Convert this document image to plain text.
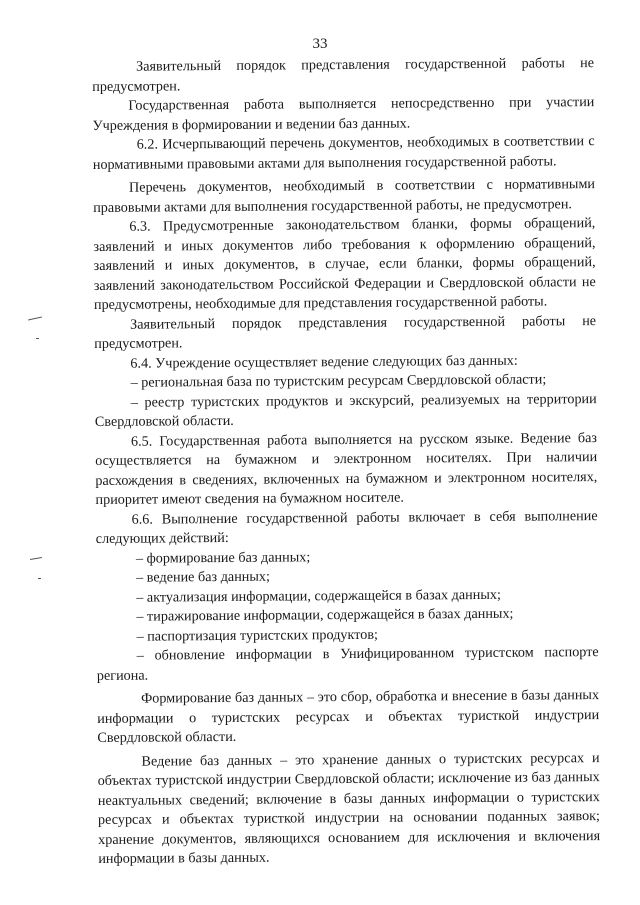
33

Заявительный порядок представления государственной работы не предусмотрен.

Государственная работа выполняется непосредственно при участии Учреждения в формировании и ведении баз данных.

6.2. Исчерпывающий перечень документов, необходимых в соответствии с нормативными правовыми актами для выполнения государственной работы.

Перечень документов, необходимый в соответствии с нормативными правовыми актами для выполнения государственной работы, не предусмотрен.

6.3. Предусмотренные законодательством бланки, формы обращений, заявлений и иных документов либо требования к оформлению обращений, заявлений и иных документов, в случае, если бланки, формы обращений, заявлений законодательством Российской Федерации и Свердловской области не предусмотрены, необходимые для представления государственной работы.

Заявительный порядок представления государственной работы не предусмотрен.

6.4. Учреждение осуществляет ведение следующих баз данных:

– региональная база по туристским ресурсам Свердловской области;

– реестр туристских продуктов и экскурсий, реализуемых на территории Свердловской области.

6.5. Государственная работа выполняется на русском языке. Ведение баз осуществляется на бумажном и электронном носителях. При наличии расхождения в сведениях, включенных на бумажном и электронном носителях, приоритет имеют сведения на бумажном носителе.

6.6. Выполнение государственной работы включает в себя выполнение следующих действий:

– формирование баз данных;

– ведение баз данных;

– актуализация информации, содержащейся в базах данных;

– тиражирование информации, содержащейся в базах данных;

– паспортизация туристских продуктов;

– обновление информации в Унифицированном туристском паспорте региона.

Формирование баз данных – это сбор, обработка и внесение в базы данных информации о туристских ресурсах и объектах туристкой индустрии Свердловской области.

Ведение баз данных – это хранение данных о туристских ресурсах и объектах туристской индустрии Свердловской области; исключение из баз данных неактуальных сведений; включение в базы данных информации о туристских ресурсах и объектах туристкой индустрии на основании поданных заявок; хранение документов, являющихся основанием для исключения и включения информации в базы данных.
